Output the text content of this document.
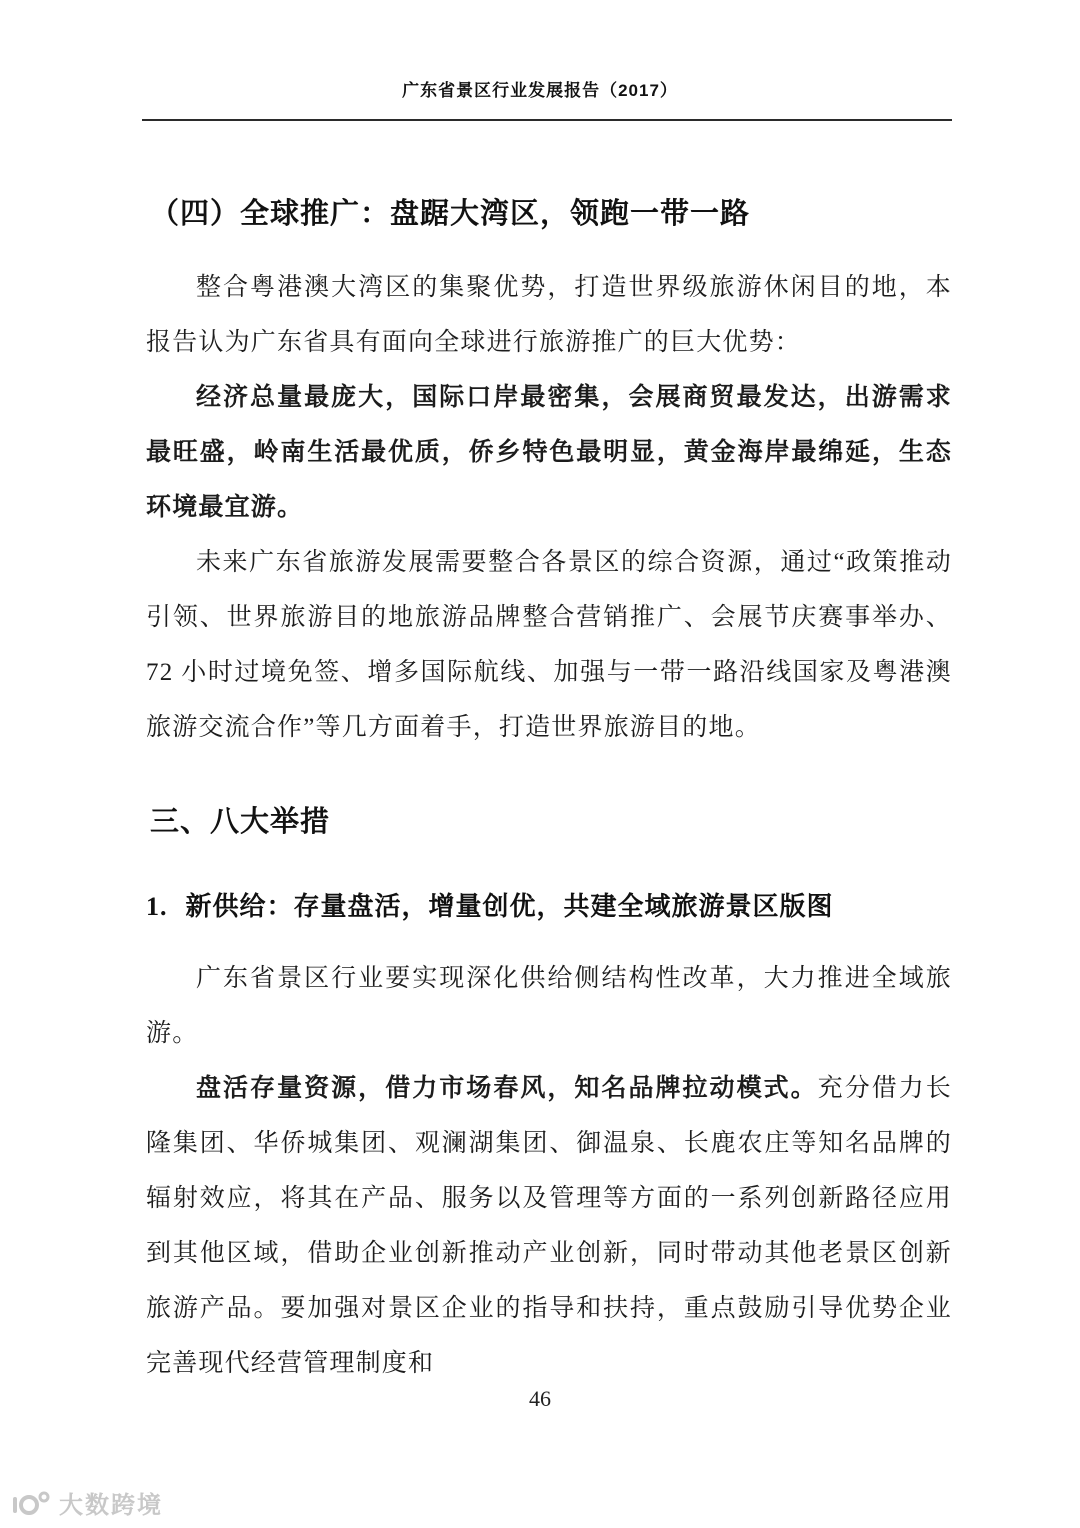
广东省景区行业发展报告（2017）
（四）全球推广：盘踞大湾区，领跑一带一路

整合粤港澳大湾区的集聚优势，打造世界级旅游休闲目的地，本报告认为广东省具有面向全球进行旅游推广的巨大优势：

经济总量最庞大，国际口岸最密集，会展商贸最发达，出游需求最旺盛，岭南生活最优质，侨乡特色最明显，黄金海岸最绵延，生态环境最宜游。

未来广东省旅游发展需要整合各景区的综合资源，通过“政策推动引领、世界旅游目的地旅游品牌整合营销推广、会展节庆赛事举办、72 小时过境免签、增多国际航线、加强与一带一路沿线国家及粤港澳旅游交流合作”等几方面着手，打造世界旅游目的地。

三、八大举措
1. 新供给：存量盘活，增量创优，共建全域旅游景区版图

广东省景区行业要实现深化供给侧结构性改革，大力推进全域旅游。

盘活存量资源，借力市场春风，知名品牌拉动模式。充分借力长隆集团、华侨城集团、观澜湖集团、御温泉、长鹿农庄等知名品牌的辐射效应，将其在产品、服务以及管理等方面的一系列创新路径应用到其他区域，借助企业创新推动产业创新，同时带动其他老景区创新旅游产品。要加强对景区企业的指导和扶持，重点鼓励引导优势企业完善现代经营管理制度和

46
大数跨境
